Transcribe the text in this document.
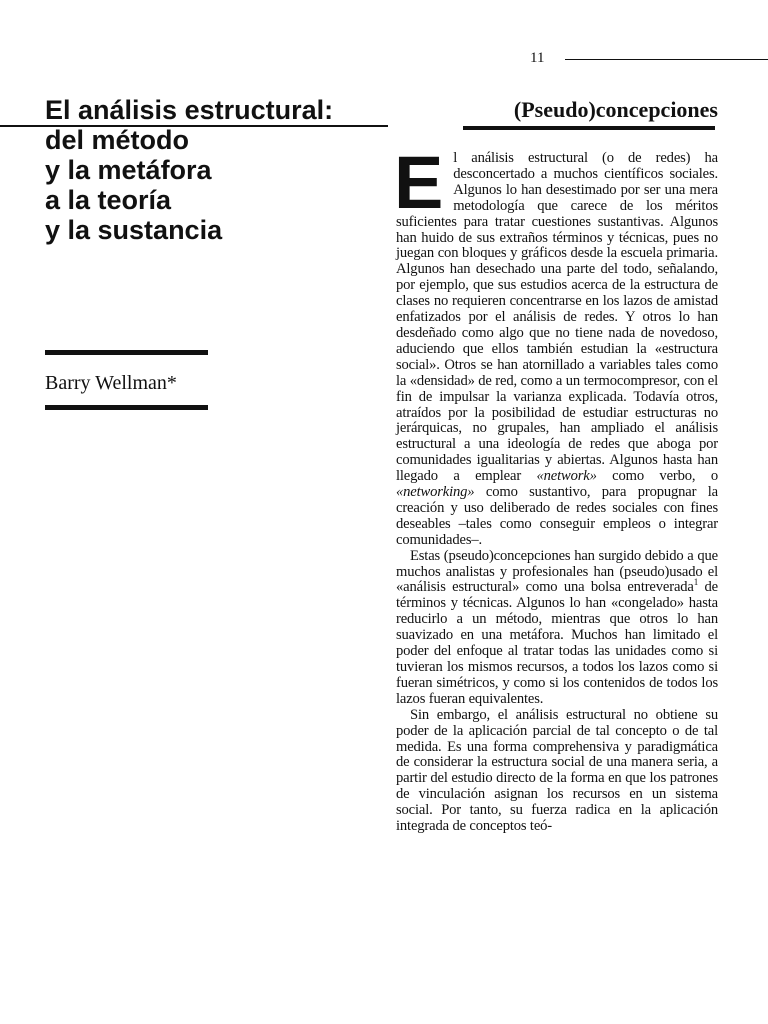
11
El análisis estructural:
del método
y la metáfora
a la teoría
y la sustancia
Barry Wellman*
(Pseudo)concepciones

El análisis estructural (o de redes) ha desconcertado a muchos científicos sociales. Algunos lo han desestimado por ser una mera metodología que carece de los méritos suficientes para tratar cuestiones sustantivas. Algunos han huido de sus extraños términos y técnicas, pues no juegan con bloques y gráficos desde la escuela primaria. Algunos han desechado una parte del todo, señalando, por ejemplo, que sus estudios acerca de la estructura de clases no requieren concentrarse en los lazos de amistad enfatizados por el análisis de redes. Y otros lo han desdeñado como algo que no tiene nada de novedoso, aduciendo que ellos también estudian la «estructura social». Otros se han atornillado a variables tales como la «densidad» de red, como a un termocompresor, con el fin de impulsar la varianza explicada. Todavía otros, atraídos por la posibilidad de estudiar estructuras no jerárquicas, no grupales, han ampliado el análisis estructural a una ideología de redes que aboga por comunidades igualitarias y abiertas. Algunos hasta han llegado a emplear «network» como verbo, o «networking» como sustantivo, para propugnar la creación y uso deliberado de redes sociales con fines deseables –tales como conseguir empleos o integrar comunidades–.

Estas (pseudo)concepciones han surgido debido a que muchos analistas y profesionales han (pseudo)usado el «análisis estructural» como una bolsa entreverada$^1$ de términos y técnicas. Algunos lo han «congelado» hasta reducirlo a un método, mientras que otros lo han suavizado en una metáfora. Muchos han limitado el poder del enfoque al tratar todas las unidades como si tuvieran los mismos recursos, a todos los lazos como si fueran simétricos, y como si los contenidos de todos los lazos fueran equivalentes.

Sin embargo, el análisis estructural no obtiene su poder de la aplicación parcial de tal concepto o de tal medida. Es una forma comprehensiva y paradigmática de considerar la estructura social de una manera seria, a partir del estudio directo de la forma en que los patrones de vinculación asignan los recursos en un sistema social. Por tanto, su fuerza radica en la aplicación integrada de conceptos teó-
